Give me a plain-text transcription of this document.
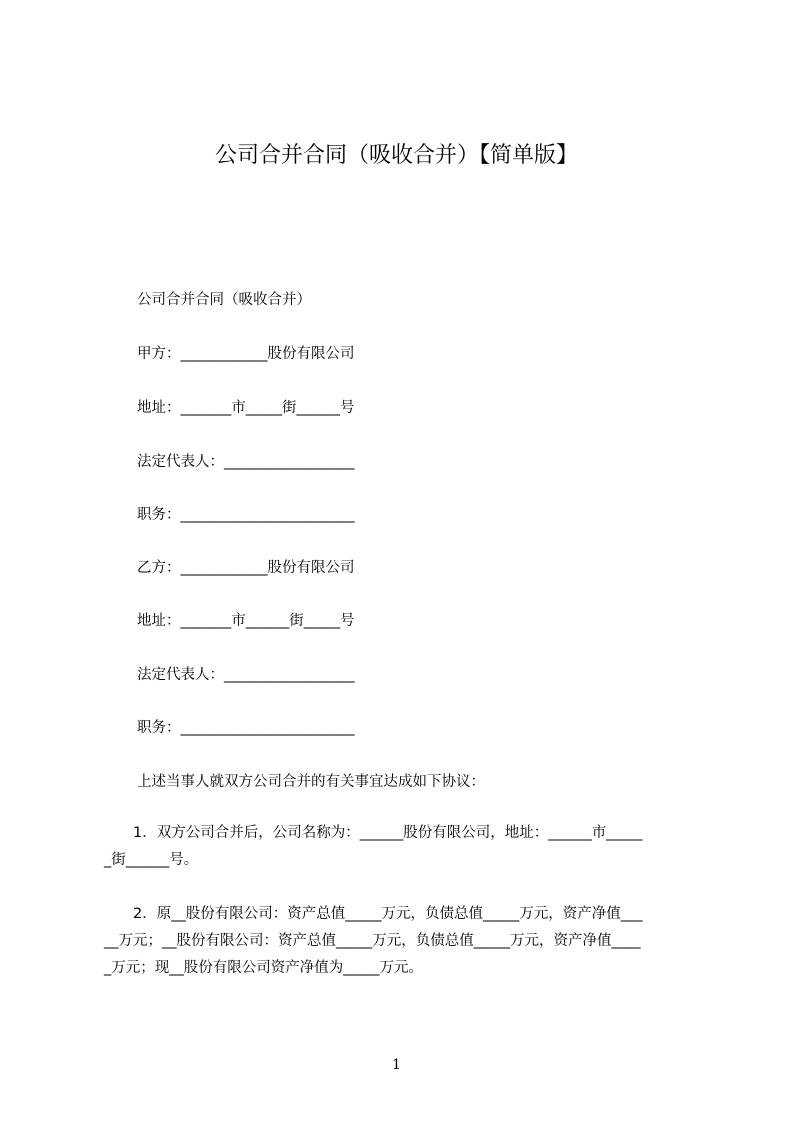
公司合并合同（吸收合并）【简单版】
公司合并合同（吸收合并）
甲方：____________股份有限公司
地址：_______市_____街______号
法定代表人：__________________
职务：________________________
乙方：____________股份有限公司
地址：_______市______街_____号
法定代表人：__________________
职务：________________________
上述当事人就双方公司合并的有关事宜达成如下协议：
　　1．双方公司合并后，公司名称为：______股份有限公司，地址：______市_____
_街______号。
　　2．原__股份有限公司：资产总值_____万元，负债总值_____万元，资产净值___
__万元；__股份有限公司：资产总值_____万元，负债总值_____万元，资产净值____
_万元；现__股份有限公司资产净值为_____万元。
1
